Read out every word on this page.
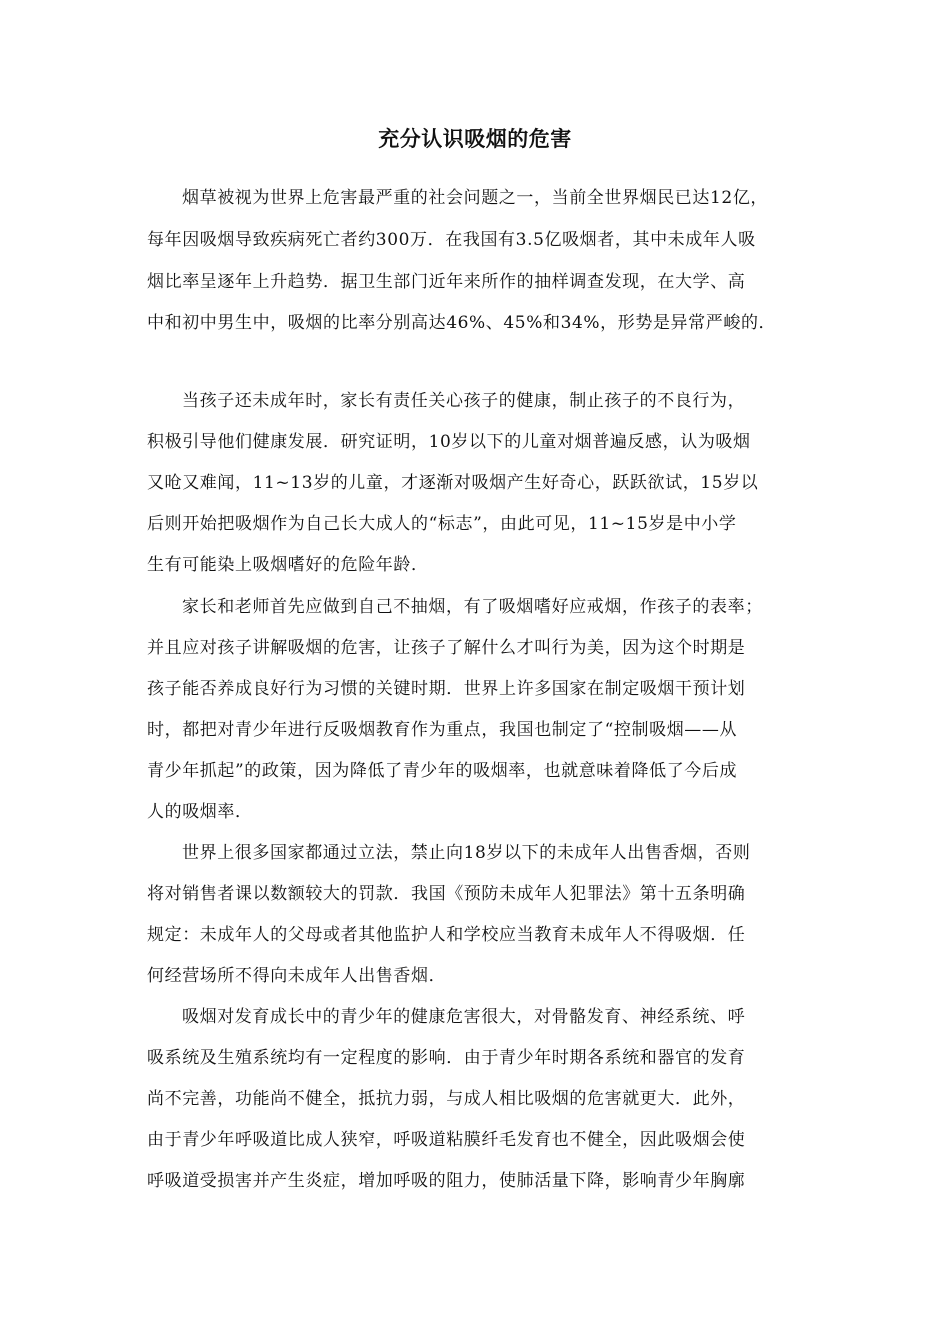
充分认识吸烟的危害
烟草被视为世界上危害最严重的社会问题之一，当前全世界烟民已达12亿，
每年因吸烟导致疾病死亡者约300万．在我国有3.5亿吸烟者，其中未成年人吸
烟比率呈逐年上升趋势．据卫生部门近年来所作的抽样调查发现，在大学、高
中和初中男生中，吸烟的比率分别高达46%、45%和34%，形势是异常严峻的．
当孩子还未成年时，家长有责任关心孩子的健康，制止孩子的不良行为，
积极引导他们健康发展．研究证明，10岁以下的儿童对烟普遍反感，认为吸烟
又呛又难闻，11~13岁的儿童，才逐渐对吸烟产生好奇心，跃跃欲试，15岁以
后则开始把吸烟作为自己长大成人的“标志”，由此可见，11~15岁是中小学
生有可能染上吸烟嗜好的危险年龄．
家长和老师首先应做到自己不抽烟，有了吸烟嗜好应戒烟，作孩子的表率；
并且应对孩子讲解吸烟的危害，让孩子了解什么才叫行为美，因为这个时期是
孩子能否养成良好行为习惯的关键时期．世界上许多国家在制定吸烟干预计划
时，都把对青少年进行反吸烟教育作为重点，我国也制定了“控制吸烟——从
青少年抓起”的政策，因为降低了青少年的吸烟率，也就意味着降低了今后成
人的吸烟率．
世界上很多国家都通过立法，禁止向18岁以下的未成年人出售香烟，否则
将对销售者课以数额较大的罚款．我国《预防未成年人犯罪法》第十五条明确
规定：未成年人的父母或者其他监护人和学校应当教育未成年人不得吸烟．任
何经营场所不得向未成年人出售香烟．
吸烟对发育成长中的青少年的健康危害很大，对骨骼发育、神经系统、呼
吸系统及生殖系统均有一定程度的影响．由于青少年时期各系统和器官的发育
尚不完善，功能尚不健全，抵抗力弱，与成人相比吸烟的危害就更大．此外，
由于青少年呼吸道比成人狭窄，呼吸道粘膜纤毛发育也不健全，因此吸烟会使
呼吸道受损害并产生炎症，增加呼吸的阻力，使肺活量下降，影响青少年胸廓
